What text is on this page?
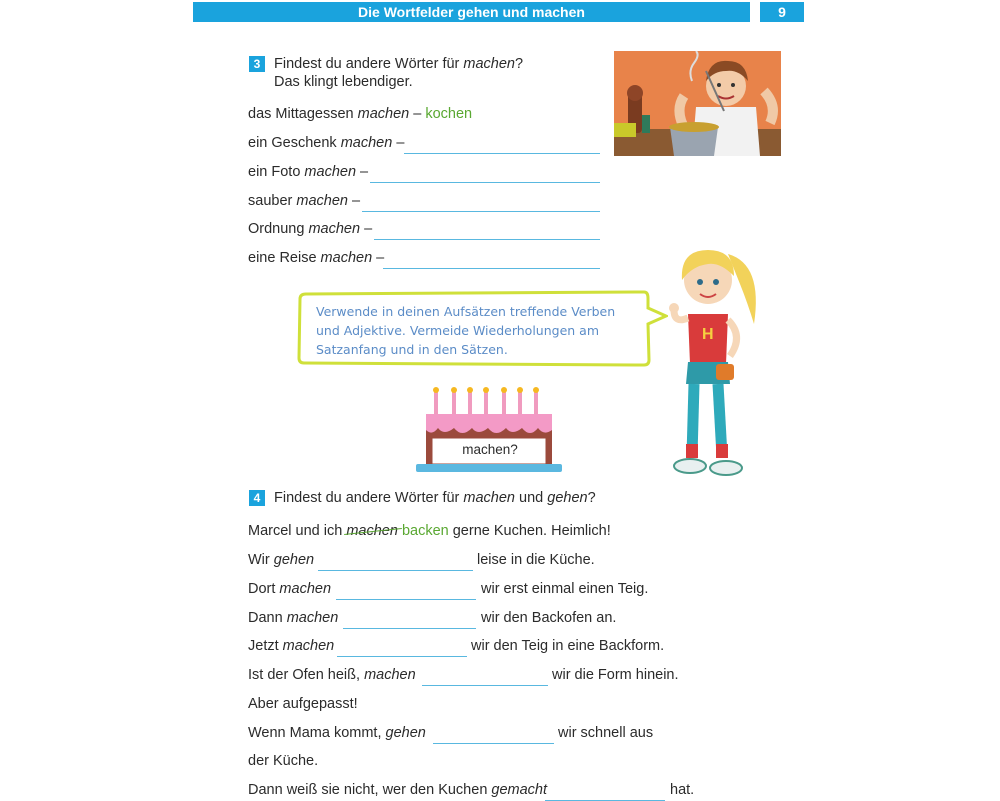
Die Wortfelder gehen und machen	9
3 Findest du andere Wörter für machen?
Das klingt lebendiger.
das Mittagessen machen – kochen
ein Geschenk machen –
ein Foto machen –
sauber machen –
Ordnung machen –
eine Reise machen –
Verwende in deinen Aufsätzen treffende Verben
und Adjektive. Vermeide Wiederholungen am
Satzanfang und in den Sätzen.
H
machen?
4 Findest du andere Wörter für machen und gehen?
Marcel und ich machen backen gerne Kuchen. Heimlich!
Wir gehen	leise in die Küche.
Dort machen	wir erst einmal einen Teig.
Dann machen	wir den Backofen an.
Jetzt machen	wir den Teig in eine Backform.
Ist der Ofen heiß, machen	wir die Form hinein.
Aber aufgepasst!
Wenn Mama kommt, gehen	wir schnell aus
der Küche.
Dann weiß sie nicht, wer den Kuchen gemacht	hat.
